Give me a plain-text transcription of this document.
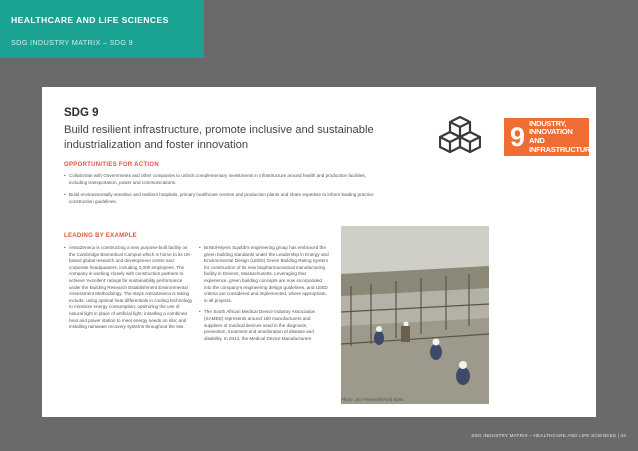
HEALTHCARE AND LIFE SCIENCES
SDG INDUSTRY MATRIX – SDG 9
SDG 9
Build resilient infrastructure, promote inclusive and sustainable industrialization and foster innovation
OPPORTUNITIES FOR ACTION
• Collaborate with Governments and other companies to unlock complementary investments in infrastructure around health and production facilities, including transportation, power and communications.
• Build environmentally sensitive and resilient hospitals, primary healthcare centres and production plants and share expertise to inform leading practice construction guidelines.
LEADING BY EXAMPLE
• AstraZeneca is constructing a new purpose-built facility on the Cambridge Biomedical Campus which is home to its UK-based global research and development centre and corporate headquarters, including 2,000 employees. The company is working closely with construction partners to achieve 'excellent' ratings for sustainability performance under the Building Research Establishment Environmental Assessment Methodology. The steps AstraZeneca is taking include: using optimal heat differentials in cooling technology to minimize energy consumption; optimizing the use of natural light in place of artificial light; installing a combined heat and power station to meet energy needs on site; and installing rainwater recovery systems throughout the site.
• Bristol-Myers Squibb's engineering group has embraced the green building standards under the Leadership in Energy and Environmental Design (LEED) Green Building Rating System for construction of its new biopharmaceutical manufacturing facility in Devens, Massachusetts. Leveraging that experience, green building concepts are now incorporated into the company's engineering design guidelines, and LEED criteria are considered and implemented, where appropriate, in all projects.
• The South African Medical Device Industry Association (SAMED) represents around 160 manufacturers and suppliers of medical devices used in the diagnosis, prevention, treatment and amelioration of disease and disability. In 2014, the Medical Device Manufacturers
9 INDUSTRY, INNOVATION
AND INFRASTRUCTURE
Photo: Jim Pickerell/World Bank
SDG INDUSTRY MATRIX – HEALTHCARE AND LIFE SCIENCES | 34
